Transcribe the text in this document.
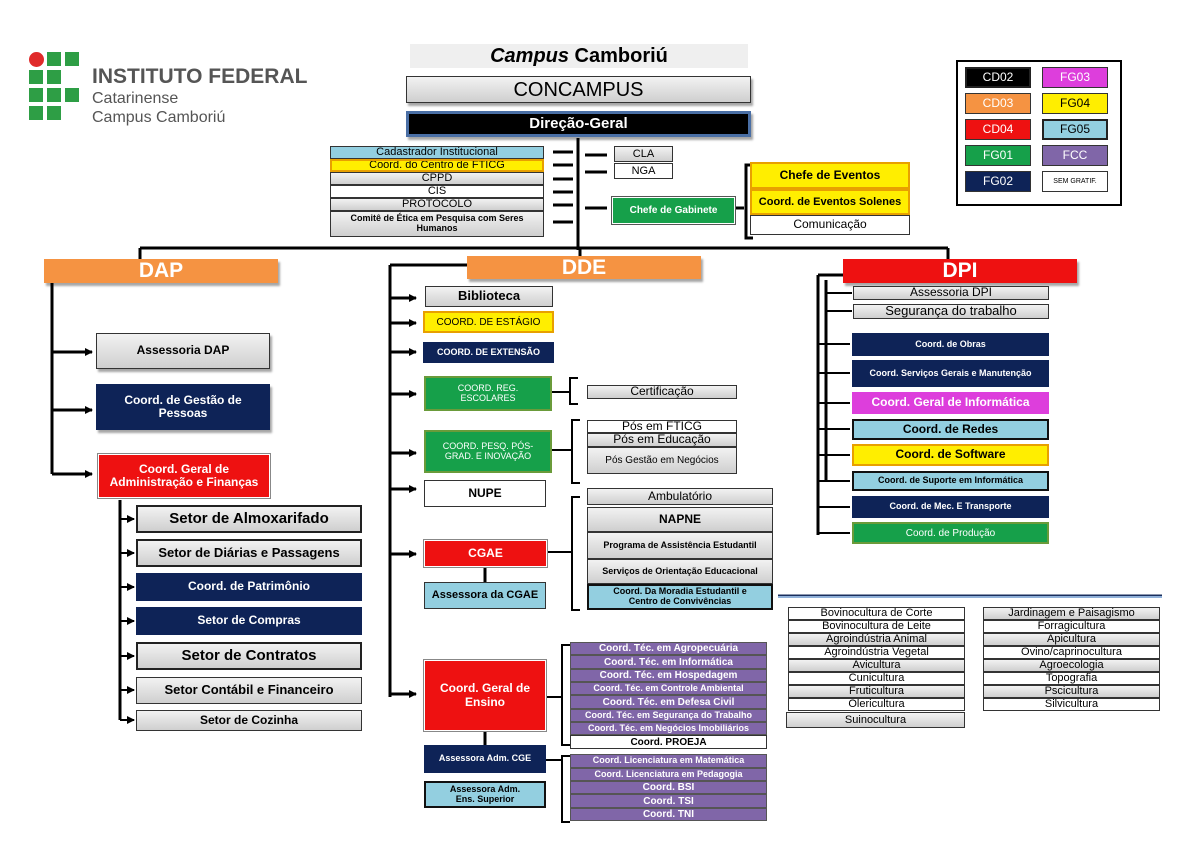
INSTITUTO FEDERAL
Catarinense
Campus Camboriú
Campus Camboriú
CONCAMPUS
Direção-Geral
CD02	FG03
CD03	FG04
CD04	FG05
FG01	FCC
FG02	SEM GRATIF.
Cadastrador Institucional
Coord. do Centro de FTICG
CPPD
CIS
PROTOCOLO
Comitê de Ética em Pesquisa com Seres Humanos
CLA
NGA
Chefe de Gabinete
Chefe de Eventos
Coord. de Eventos Solenes
Comunicação
DAP	DDE	DPI
Assessoria DAP
Coord. de Gestão de Pessoas
Coord. Geral de Administração e Finanças
Setor de Almoxarifado
Setor de Diárias e Passagens
Coord. de Patrimônio
Setor de Compras
Setor de Contratos
Setor Contábil e Financeiro
Setor de Cozinha
Biblioteca
COORD. DE ESTÁGIO
COORD. DE EXTENSÃO
COORD. REG. ESCOLARES	Certificação
COORD. PESQ. PÓS-GRAD. E INOVAÇÃO
Pós em FTICG
Pós em Educação
Pós Gestão em Negócios
NUPE
CGAE
Assessora da CGAE
Ambulatório
NAPNE
Programa de Assistência Estudantil
Serviços de Orientação Educacional
Coord. Da Moradia Estudantil e Centro de Convivências
Coord. Geral de Ensino
Assessora Adm. CGE
Assessora Adm. Ens. Superior
Coord. Téc. em Agropecuária
Coord. Téc. em Informática
Coord. Téc. em Hospedagem
Coord. Téc. em Controle Ambiental
Coord. Téc. em Defesa Civil
Coord. Téc. em Segurança do Trabalho
Coord. Téc. em Negócios Imobiliários
Coord. PROEJA
Coord. Licenciatura em Matemática
Coord. Licenciatura em Pedagogia
Coord. BSI
Coord. TSI
Coord. TNI
Assessoria DPI
Segurança do trabalho
Coord. de Obras
Coord. Serviços Gerais e Manutenção
Coord. Geral de Informática
Coord. de Redes
Coord. de Software
Coord. de Suporte em Informática
Coord. de Mec. E Transporte
Coord. de Produção
Bovinocultura de Corte
Bovinocultura de Leite
Agroindústria Animal
Agroindústria Vegetal
Avicultura
Cunicultura
Fruticultura
Olericultura
Suinocultura
Jardinagem e Paisagismo
Forragicultura
Apicultura
Ovino/caprinocultura
Agroecologia
Topografia
Pscicultura
Silvicultura
